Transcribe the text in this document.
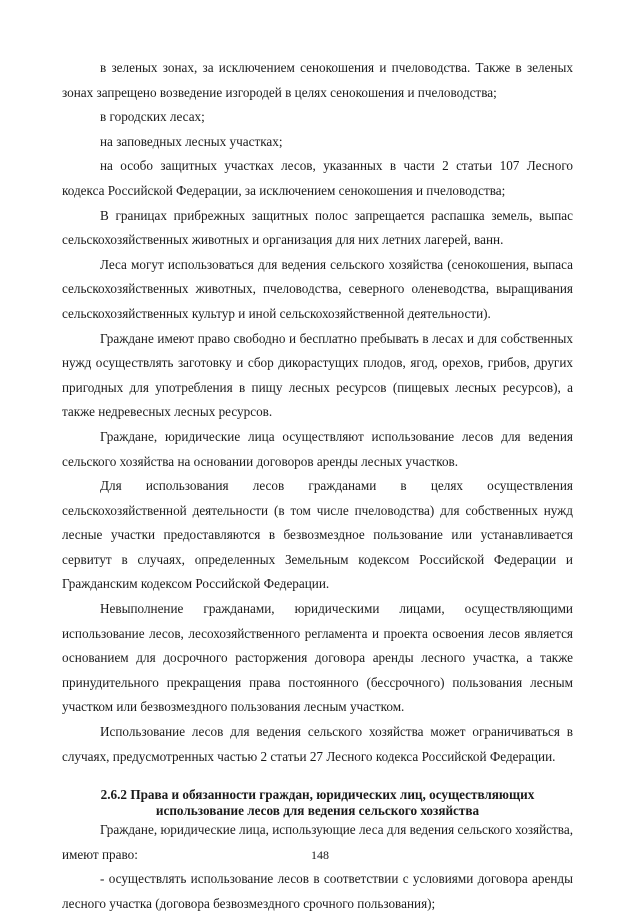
в зеленых зонах, за исключением сенокошения и пчеловодства. Также в зеленых зонах запрещено возведение изгородей в целях сенокошения и пчеловодства;

в городских лесах;

на заповедных лесных участках;

на особо защитных участках лесов, указанных в части 2 статьи 107 Лесного кодекса Российской Федерации, за исключением сенокошения и пчеловодства;

В границах прибрежных защитных полос запрещается распашка земель, выпас сельскохозяйственных животных и организация для них летних лагерей, ванн.

Леса могут использоваться для ведения сельского хозяйства (сенокошения, выпаса сельскохозяйственных животных, пчеловодства, северного оленеводства, выращивания сельскохозяйственных культур и иной сельскохозяйственной деятельности).

Граждане имеют право свободно и бесплатно пребывать в лесах и для собственных нужд осуществлять заготовку и сбор дикорастущих плодов, ягод, орехов, грибов, других пригодных для употребления в пищу лесных ресурсов (пищевых лесных ресурсов), а также недревесных лесных ресурсов.

Граждане, юридические лица осуществляют использование лесов для ведения сельского хозяйства на основании договоров аренды лесных участков.

Для использования лесов гражданами в целях осуществления сельскохозяйственной деятельности (в том числе пчеловодства) для собственных нужд лесные участки предоставляются в безвозмездное пользование или устанавливается сервитут в случаях, определенных Земельным кодексом Российской Федерации и Гражданским кодексом Российской Федерации.

Невыполнение гражданами, юридическими лицами, осуществляющими использование лесов, лесохозяйственного регламента и проекта освоения лесов является основанием для досрочного расторжения договора аренды лесного участка, а также принудительного прекращения права постоянного (бессрочного) пользования лесным участком или безвозмездного пользования лесным участком.

Использование лесов для ведения сельского хозяйства может ограничиваться в случаях, предусмотренных частью 2 статьи 27 Лесного кодекса Российской Федерации.

2.6.2 Права и обязанности граждан, юридических лиц, осуществляющих использование лесов для ведения сельского хозяйства

Граждане, юридические лица, использующие леса для ведения сельского хозяйства, имеют право:

- осуществлять использование лесов в соответствии с условиями договора аренды лесного участка (договора безвозмездного срочного пользования);

148
